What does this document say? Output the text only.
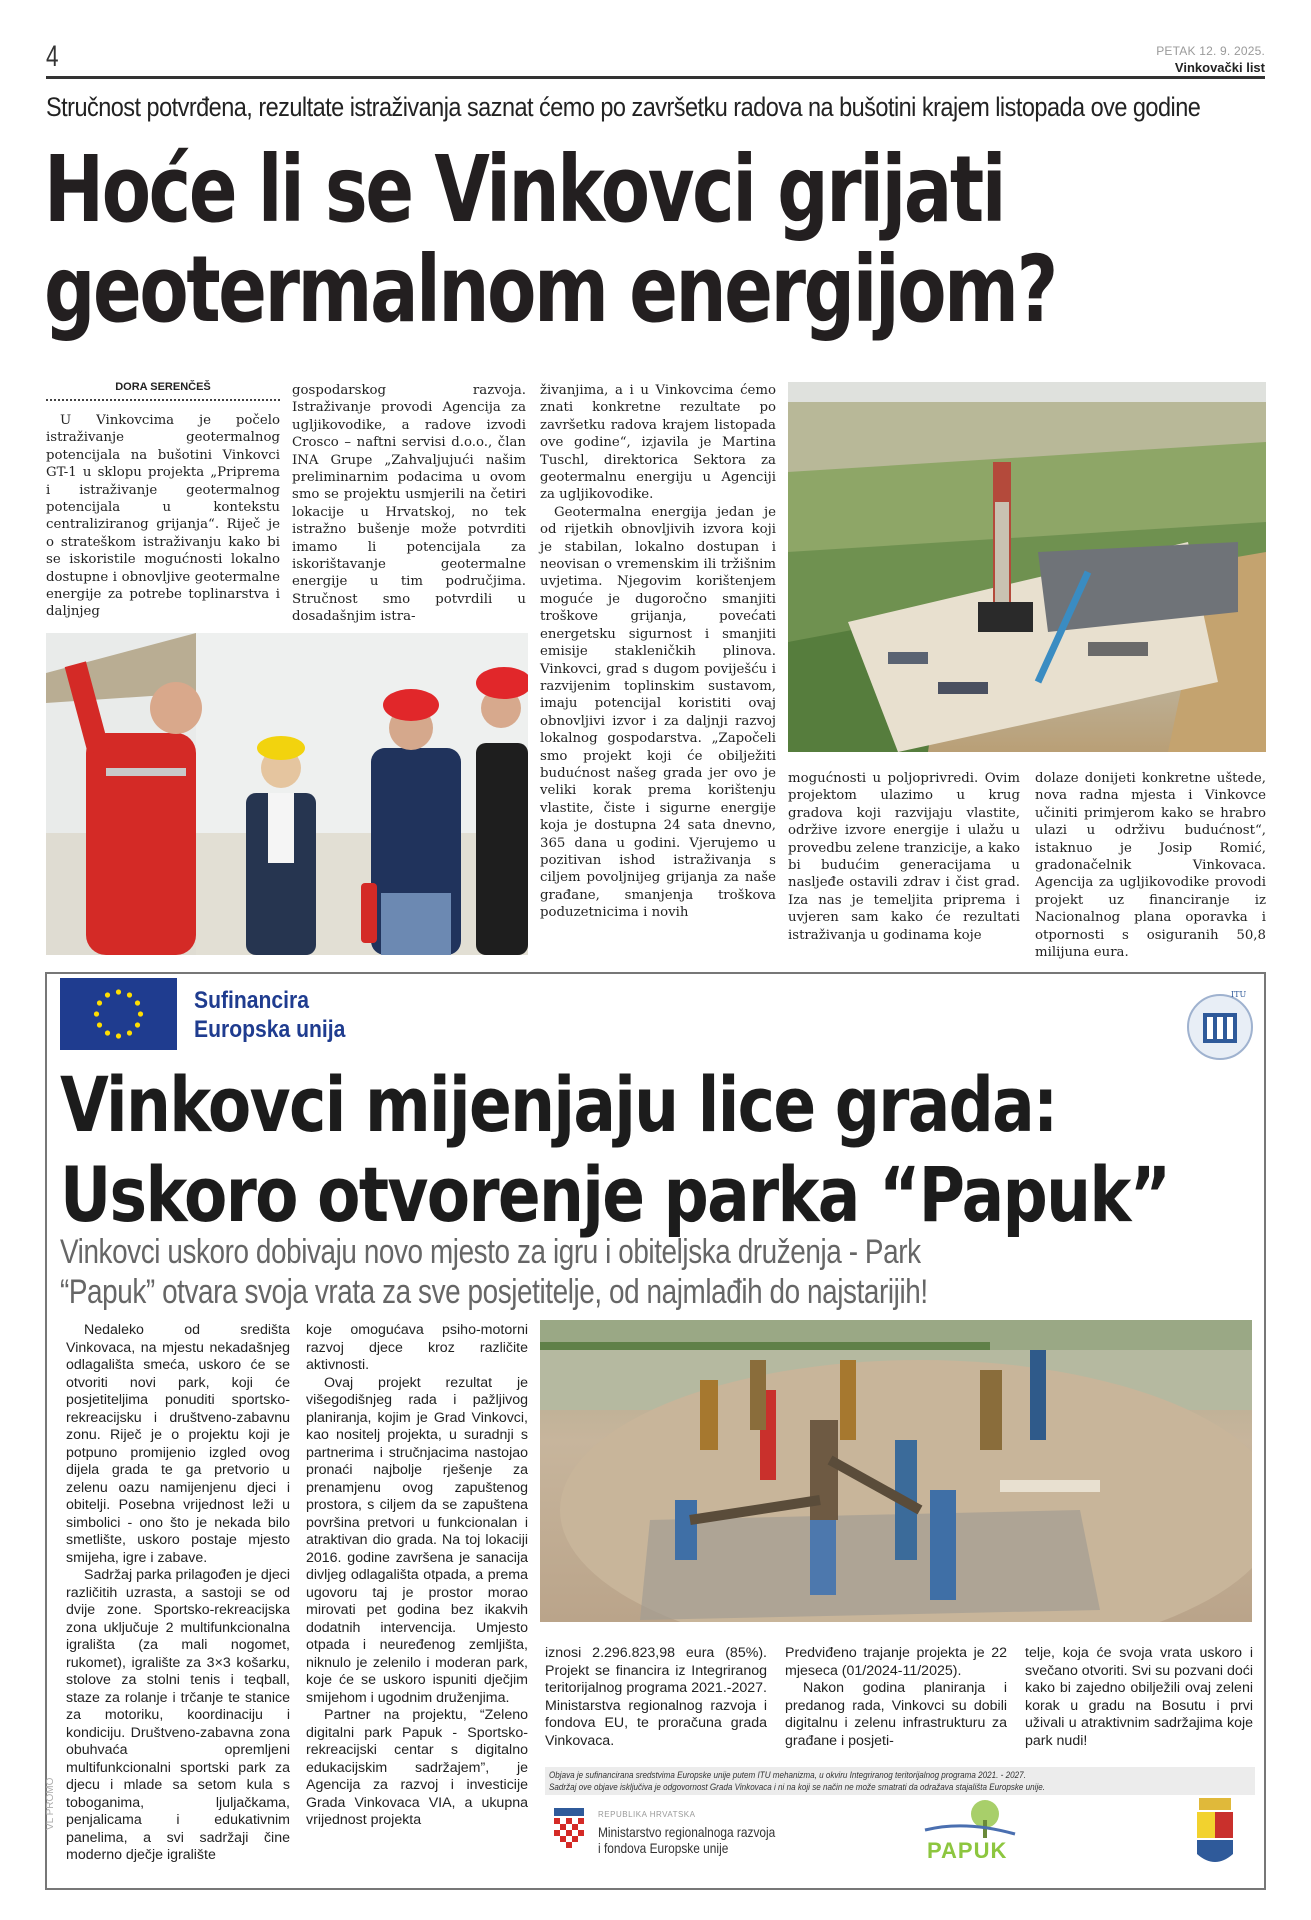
4	PETAK 12. 9. 2025.
Vinkovački list
Stručnost potvrđena, rezultate istraživanja saznat ćemo po završetku radova na bušotini krajem listopada ove godine
Hoće li se Vinkovci grijati
geotermalnom energijom?
DORA SERENČEŠ

U Vinkovcima je počelo istraživanje geotermalnog potencijala na bušotini Vinkovci GT-1 u sklopu projekta „Priprema i istraživanje geotermalnog potencijala u kontekstu centraliziranog grijanja“. Riječ je o strateškom istraživanju kako bi se iskoristile mogućnosti lokalno dostupne i obnovljive geotermalne energije za potrebe toplinarstva i daljnjeg

gospodarskog razvoja. Istraživanje provodi Agencija za ugljikovodike, a radove izvodi Crosco – naftni servisi d.o.o., član INA Grupe „Zahvaljujući našim preliminarnim podacima u ovom smo se projektu usmjerili na četiri lokacije u Hrvatskoj, no tek istražno bušenje može potvrditi imamo li potencijala za iskorištavanje geotermalne energije u tim područjima. Stručnost smo potvrdili u dosadašnjim istra-

živanjima, a i u Vinkovcima ćemo znati konkretne rezultate po završetku radova krajem listopada ove godine“, izjavila je Martina Tuschl, direktorica Sektora za geotermalnu energiju u Agenciji za ugljikovodike.

Geotermalna energija jedan je od rijetkih obnovljivih izvora koji je stabilan, lokalno dostupan i neovisan o vremenskim ili tržišnim uvjetima. Njegovim korištenjem moguće je dugoročno smanjiti troškove grijanja, povećati energetsku sigurnost i smanjiti emisije stakleničkih plinova. Vinkovci, grad s dugom poviješću i razvijenim toplinskim sustavom, imaju potencijal koristiti ovaj obnovljivi izvor i za daljnji razvoj lokalnog gospodarstva. „Započeli smo projekt koji će obilježiti budućnost našeg grada jer ovo je veliki korak prema korištenju vlastite, čiste i sigurne energije koja je dostupna 24 sata dnevno, 365 dana u godini. Vjerujemo u pozitivan ishod istraživanja s ciljem povoljnijeg grijanja za naše građane, smanjenja troškova poduzetnicima i novih

mogućnosti u poljoprivredi. Ovim projektom ulazimo u krug gradova koji razvijaju vlastite, održive izvore energije i ulažu u provedbu zelene tranzicije, a kako bi budućim generacijama u nasljeđe ostavili zdrav i čist grad. Iza nas je temeljita priprema i uvjeren sam kako će rezultati istraživanja u godinama koje

dolaze donijeti konkretne uštede, nova radna mjesta i Vinkovce učiniti primjerom kako se hrabro ulazi u održivu budućnost“, istaknuo je Josip Romić, gradonačelnik Vinkovaca. Agencija za ugljikovodike provodi projekt uz financiranje iz Nacionalnog plana oporavka i otpornosti s osiguranih 50,8 milijuna eura.

Sufinancira
Europska unija
ITU
Vinkovci mijenjaju lice grada:
Uskoro otvorenje parka “Papuk”
Vinkovci uskoro dobivaju novo mjesto za igru i obiteljska druženja - Park
“Papuk” otvara svoja vrata za sve posjetitelje, od najmlađih do najstarijih!

Nedaleko od središta Vinkovaca, na mjestu nekadašnjeg odlagališta smeća, uskoro će se otvoriti novi park, koji će posjetiteljima ponuditi sportsko-rekreacijsku i društveno-zabavnu zonu. Riječ je o projektu koji je potpuno promijenio izgled ovog dijela grada te ga pretvorio u zelenu oazu namijenjenu djeci i obitelji. Posebna vrijednost leži u simbolici - ono što je nekada bilo smetlište, uskoro postaje mjesto smijeha, igre i zabave.

Sadržaj parka prilagođen je djeci različitih uzrasta, a sastoji se od dvije zone. Sportsko-rekreacijska zona uključuje 2 multifunkcionalna igrališta (za mali nogomet, rukomet), igralište za 3×3 košarku, stolove za stolni tenis i teqball, staze za rolanje i trčanje te stanice za motoriku, koordinaciju i kondiciju. Društveno-zabavna zona obuhvaća opremljeni multifunkcionalni sportski park za djecu i mlade sa setom kula s toboganima, ljuljačkama, penjalicama i edukativnim panelima, a svi sadržaji čine moderno dječje igralište

koje omogućava psiho-motorni razvoj djece kroz različite aktivnosti.

Ovaj projekt rezultat je višegodišnjeg rada i pažljivog planiranja, kojim je Grad Vinkovci, kao nositelj projekta, u suradnji s partnerima i stručnjacima nastojao pronaći najbolje rješenje za prenamjenu ovog zapuštenog prostora, s ciljem da se zapuštena površina pretvori u funkcionalan i atraktivan dio grada. Na toj lokaciji 2016. godine završena je sanacija divljeg odlagališta otpada, a prema ugovoru taj je prostor morao mirovati pet godina bez ikakvih dodatnih intervencija. Umjesto otpada i neuređenog zemljišta, niknulo je zelenilo i moderan park, koje će se uskoro ispuniti dječjim smijehom i ugodnim druženjima.

Partner na projektu, “Zeleno digitalni park Papuk - Sportsko-rekreacijski centar s digitalno edukacijskim sadržajem”, je Agencija za razvoj i investicije Grada Vinkovaca VIA, a ukupna vrijednost projekta

iznosi 2.296.823,98 eura (85%). Projekt se financira iz Integriranog teritorijalnog programa 2021.-2027. Ministarstva regionalnog razvoja i fondova EU, te proračuna grada Vinkovaca.

Predviđeno trajanje projekta je 22 mjeseca (01/2024-11/2025).

Nakon godina planiranja i predanog rada, Vinkovci su dobili digitalnu i zelenu infrastrukturu za građane i posjeti-

telje, koja će svoja vrata uskoro i svečano otvoriti. Svi su pozvani doći kako bi zajedno obilježili ovaj zeleni korak u gradu na Bosutu i prvi uživali u atraktivnim sadržajima koje park nudi!

VL PROMO
Objava je sufinancirana sredstvima Europske unije putem ITU mehanizma, u okviru Integriranog teritorijalnog programa 2021. - 2027.
Sadržaj ove objave isključiva je odgovornost Grada Vinkovaca i ni na koji se način ne može smatrati da odražava stajališta Europske unije.
REPUBLIKA HRVATSKA
Ministarstvo regionalnoga razvoja
i fondova Europske unije	PAPUK
